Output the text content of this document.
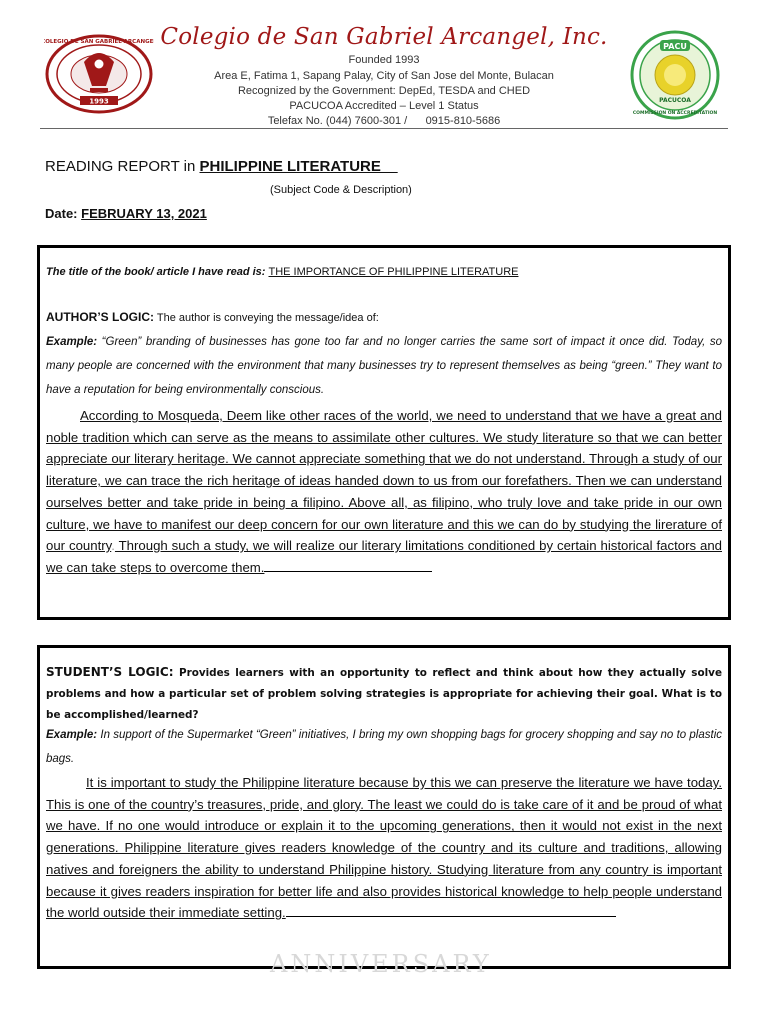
1993
COLEGIO DE SAN GABRIEL ARCANGEL	PACU
PACUCOA
COMMISSION ON ACCREDITATION
Colegio de San Gabriel Arcangel, Inc.
Founded 1993
Area E, Fatima 1, Sapang Palay, City of San Jose del Monte, Bulacan
Recognized by the Government: DepEd, TESDA and CHED
PACUCOA Accredited – Level 1 Status
Telefax No. (044) 7600-301 /      0915-810-5686
READING REPORT in PHILIPPINE LITERATURE__
(Subject Code & Description)
Date: FEBRUARY 13, 2021
The title of the book/ article I have read is: THE IMPORTANCE OF PHILIPPINE LITERATURE
AUTHOR’S LOGIC: The author is conveying the message/idea of:
Example: “Green” branding of businesses has gone too far and no longer carries the same sort of impact it once did. Today, so many people are concerned with the environment that many businesses try to represent themselves as being “green.” They want to have a reputation for being environmentally conscious.
According to Mosqueda, Deem like other races of the world, we need to understand that we have a great and noble tradition which can serve as the means to assimilate other cultures. We study literature so that we can better appreciate our literary heritage. We cannot appreciate something that we do not understand. Through a study of our literature, we can trace the rich heritage of ideas handed down to us from our forefathers. Then we can understand ourselves better and take pride in being a filipino. Above all, as filipino, who truly love and take pride in our own culture, we have to manifest our deep concern for our own literature and this we can do by studying the lirerature of our country. Through such a study, we will realize our literary limitations conditioned by certain historical factors and we can take steps to overcome them.
STUDENT’S LOGIC: Provides learners with an opportunity to reflect and think about how they actually solve problems and how a particular set of problem solving strategies is appropriate for achieving their goal. What is to be accomplished/learned?
Example: In support of the Supermarket “Green” initiatives, I bring my own shopping bags for grocery shopping and say no to plastic bags.
It is important to study the Philippine literature because by this we can preserve the literature we have today. This is one of the country’s treasures, pride, and glory. The least we could do is take care of it and be proud of what we have. If no one would introduce or explain it to the upcoming generations, then it would not exist in the next generations. Philippine literature gives readers knowledge of the country and its culture and traditions, allowing natives and foreigners the ability to understand Philippine history. Studying literature from any country is important because it gives readers inspiration for better life and also provides historical knowledge to help people understand the world outside their immediate setting.
ANNIVERSARY
